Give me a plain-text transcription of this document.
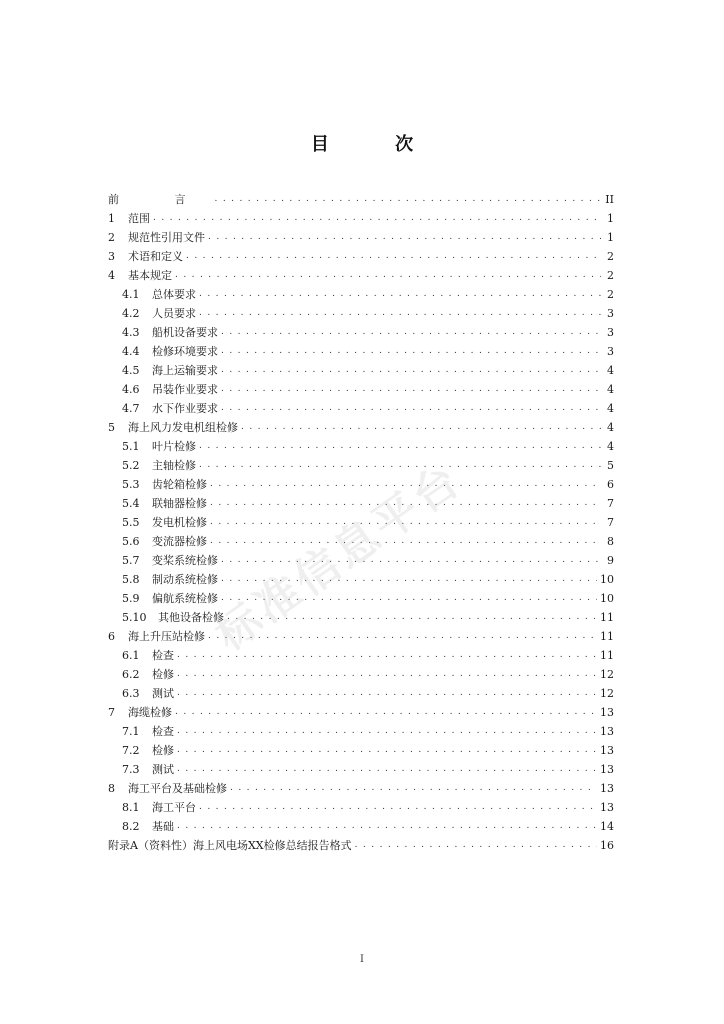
目 次
前 言 . . .	II
1	范围 . . .	1
2	规范性引用文件 . . .	1
3	术语和定义 . . .	2
4	基本规定 . . .	2
4.1	总体要求 . . .	2
4.2	人员要求 . . .	3
4.3	船机设备要求 . . .	3
4.4	检修环境要求 . . .	3
4.5	海上运输要求 . . .	4
4.6	吊装作业要求 . . .	4
4.7	水下作业要求 . . .	4
5	海上风力发电机组检修 . . .	4
5.1	叶片检修 . . .	4
5.2	主轴检修 . . .	5
5.3	齿轮箱检修 . . .	6
5.4	联轴器检修 . . .	7
5.5	发电机检修 . . .	7
5.6	变流器检修 . . .	8
5.7	变桨系统检修 . . .	9
5.8	制动系统检修 . . .	10
5.9	偏航系统检修 . . .	10
5.10	其他设备检修 . . .	11
6	海上升压站检修 . . .	11
6.1	检查 . . .	11
6.2	检修 . . .	12
6.3	测试 . . .	12
7	海缆检修 . . .	13
7.1	检查 . . .	13
7.2	检修 . . .	13
7.3	测试 . . .	13
8	海工平台及基础检修 . . .	13
8.1	海工平台 . . .	13
8.2	基础 . . .	14
附录A（资料性）海上风电场XX检修总结报告格式 . . .	16
标准信息平台
I
